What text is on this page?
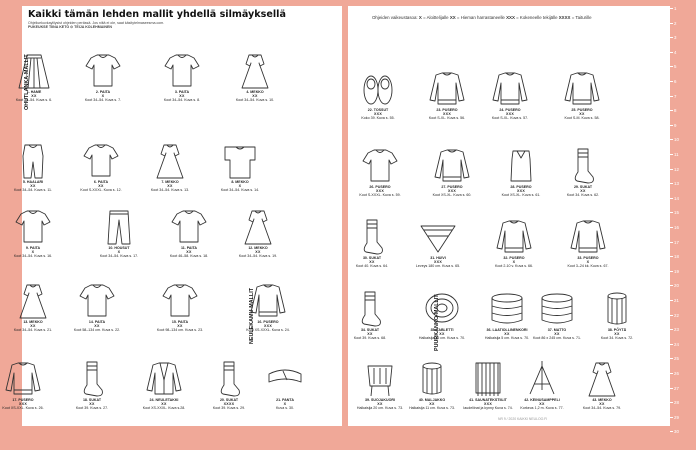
Kaikki tämän lehden mallit yhdellä silmäyksellä
Ohjeliuekuvkaylilysist ohjeiden perässä. Jos niitä ei ole, saat käsitytelmaseesma.com.
PUKEUKSE TIINA KETO ⊙ TEIJA KOLEHMAINEN
OHUTLANKA-MALLIT
NEULEKAMU-MALLIT
Ohjeiden vaikeustasoa: X = Aloittelijalle XX = Hieman harrastaneelle XXX = Kokeneelle tekijälle XXXX = Taiturille
PUURKANKO-MALLIT
NR 9 / 2020 KAIKKI NEULOO.FI
1. HAME
XX
Koot 34–54. Kuva s. 6.
2. PAITA
X
Koot 34–54. Kuva s. 7.
3. PAITA
XX
Koot 34–54. Kuva s. 8.
4. MEKKO
XX
Koot 34–54. Kuva s. 10.
5. HAALARI
XX
Koot 34–54. Kuva s. 11.
6. PAITA
XX
Koot S-XXXL. Kuva s. 12.
7. MEKKO
XX
Koot 34–54. Kuva s. 13.
8. MEKKO
X
Koot 34–54. Kuva s. 14.
9. PAITA
X
Koot 34–54. Kuva s. 16.
10. HOUSUT
X
Koot 34–54. Kuva s. 17.
11. PAITA
XX
Koot 46–58. Kuva s. 18.
12. MEKKO
XX
Koot 34–54. Kuva s. 19.
13. MEKKO
XX
Koot 34–54. Kuva s. 21.
14. PAITA
XX
Koot 58–134 cm. Kuva s. 22.
15. PAITA
XX
Koot 98–134 cm. Kuva s. 23.
16. PUSERO
XXX
Koot XS-XXXL. Kuva s. 24.
17. PUSERO
XXX
Koot XS-XXL. Kuva s. 26.
18. SUKAT
XX
Koot 39. Kuva s. 27.
24. NEULETAKKI
XX
Koot XS-XXXL. Kuva s.28.
20. SUKAT
XXXX
Koot 39. Kuva s. 29.
21. PANTA
X
Kuva s. 30.
22. TOSSUT
XXX
Koko 39. Kuva s. 55.
23. PUSERO
XXX
Koot S-XL. Kuva s. 56.
24. PUSERO
XXX
Koot S-XL. Kuva s. 57.
25. PUSERO
XX
Koot S-M. Kuva s. 58.
26. PUSERO
XXX
Koot S-XXXL. Kuva s. 59.
27. PUSERO
XXX
Koot XS-XL. Kuva s. 60.
28. PUSERO
XXX
Koot XS-XL. Kuva s. 61.
29. SUKAT
XX
Koot 34. Kuva s. 62.
30. SUKAT
XX
Koot 40. Kuva s. 64.
31. HUIVI
XXX
Leveys 180 cm. Kuva s. 65.
32. PUSERO
X
Koot 2-10 v. Kuva s. 66.
33. PUSERO
X
Koot 3–24 kk. Kuva s. 67.
34. SUKAT
XX
Koot 39. Kuva s. 68.
35. TABLETTI
XX
Halkaisija 36 cm. Kuva s. 70.
36. LAATIOLLINENKORI
XX
Halkaisija 5 cm. Kuva s. 70.
37. MATTO
XX
Koot 86 x 245 cm. Kuva s. 71.
38. PÖYTÄ
XX
Koot 34. Kuva s. 72.
39. SUOJAKUORI
XX
Halkaisija 20 cm. Kuva s. 73.
40. MALJAKKO
XX
Halkaisija 11 cm. Kuva s. 73.
41. SAUNATEKSTIILIT
XXX
Iaudeliinat ja kynny Kuva s. 74.
42. KEINUSAMPPELI
XX
Korkeus 1,2 m. Kuva s. 77.
43. MEKKO
XX
Koot 34–54. Kuva s. 79.
1
2
3
4
5
6
7
8
9
10
11
12
13
14
15
16
17
18
19
20
21
22
23
24
25
26
27
28
29
30
